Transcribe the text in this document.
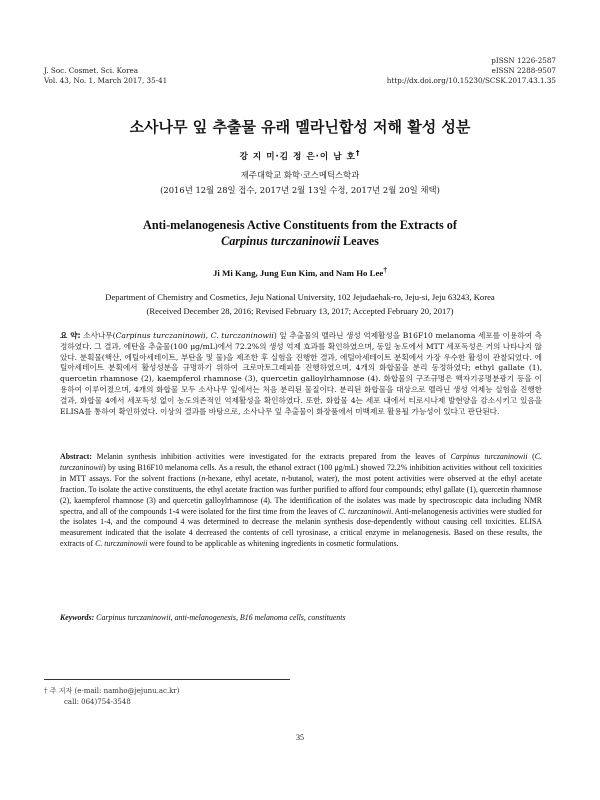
J. Soc. Cosmet. Sci. Korea
Vol. 43, No. 1, March 2017, 35-41
pISSN 1226-2587
eISSN 2288-9507
http://dx.doi.org/10.15230/SCSK.2017.43.1.35
소사나무 잎 추출물 유래 멜라닌합성 저해 활성 성분
강 지 미·김 정 은·이 남 호†
제주대학교 화학·코스메틱스학과
(2016년 12월 28일 접수, 2017년 2월 13일 수정, 2017년 2월 20일 채택)
Anti-melanogenesis Active Constituents from the Extracts of
Carpinus turczaninowii Leaves
Ji Mi Kang, Jung Eun Kim, and Nam Ho Lee†
Department of Chemistry and Cosmetics, Jeju National University, 102 Jejudaehak-ro, Jeju-si, Jeju 63243, Korea
(Received December 28, 2016; Revised February 13, 2017; Accepted February 20, 2017)
요 약: 소사나무(Carpinus turczaninowii, C. turczaninowii) 잎 추출물의 멜라닌 생성 억제활성을 B16F10 melanoma 세포를 이용하여 측정하였다. 그 결과, 에탄올 추출물(100 μg/mL)에서 72.2%의 생성 억제 효과를 확인하였으며, 동일 농도에서 MTT 세포독성은 거의 나타나지 않았다. 분획물(핵산, 에틸아세테이트, 부탄올 및 물)을 제조한 후 실험을 진행한 결과, 에틸아세테이트 분획에서 가장 우수한 활성이 관찰되었다. 에틸아세테이트 분획에서 활성성분을 규명하기 위하여 크로마토그래피를 진행하였으며, 4개의 화합물을 분리 동정하였다; ethyl gallate (1), quercetin rhamnose (2), kaempferol rhamnose (3), quercetin galloylrhamnose (4). 화합물의 구조규명은 핵자기공명분광기 등을 이용하여 이루어졌으며, 4개의 화합물 모두 소사나무 잎에서는 처음 분리된 물질이다. 분리된 화합물을 대상으로 멜라닌 생성 억제능 실험을 진행한 결과, 화합물 4에서 세포독성 없이 농도의존적인 억제활성을 확인하였다. 또한, 화합물 4는 세포 내에서 티로시나제 발현양을 감소시키고 있음을 ELISA를 통하여 확인하였다. 이상의 결과를 바탕으로, 소사나무 잎 추출물이 화장품에서 미백제로 활용될 가능성이 있다고 판단된다.
Abstract: Melanin synthesis inhibition activities were investigated for the extracts prepared from the leaves of Carpinus turczaninowii (C. turczaninowii) by using B16F10 melanoma cells. As a result, the ethanol extract (100 μg/mL) showed 72.2% inhibition activities without cell toxicities in MTT assays. For the solvent fractions (n-hexane, ethyl acetate, n-butanol, water), the most potent activities were observed at the ethyl acetate fraction. To isolate the active constituents, the ethyl acetate fraction was further purified to afford four compounds; ethyl gallate (1), quercetin rhamnose (2), kaempferol rhamnose (3) and quercetin galloylrhamnose (4). The identification of the isolates was made by spectroscopic data including NMR spectra, and all of the compounds 1-4 were isolated for the first time from the leaves of C. turczaninowii. Anti-melanogenesis activities were studied for the isolates 1-4, and the compound 4 was determined to decrease the melanin synthesis dose-dependently without causing cell toxicities. ELISA measurement indicated that the isolate 4 decreased the contents of cell tyrosinase, a critical enzyme in melanogenesis. Based on these results, the extracts of C. turczaninowii were found to be applicable as whitening ingredients in cosmetic formulations.
Keywords: Carpinus turczaninowii, anti-melanogenesis, B16 melanoma cells, constituents
† 주 저자 (e-mail: namho@jejunu.ac.kr)
call: 064)754-3548
35
